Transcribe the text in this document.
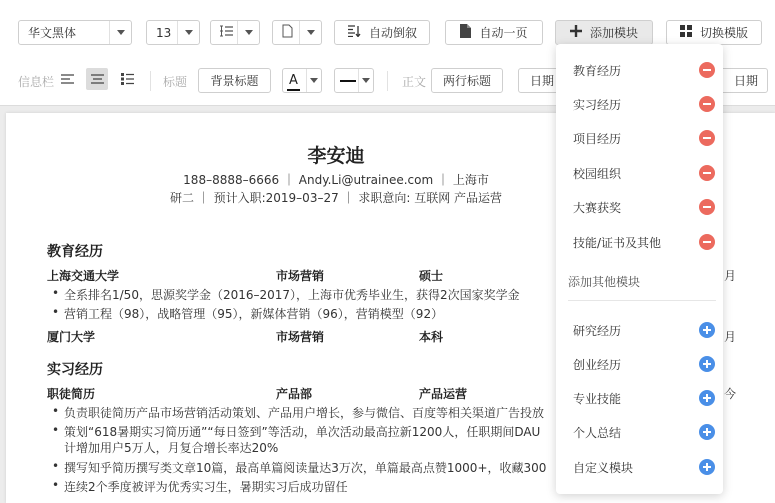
华文黑体	13	自动倒叙	自动一页	添加模块	切换模版
信息栏	标题 背景标题	A	正文 两行标题	日期	日期
李安迪
188–8888–6666 ｜ Andy.Li@utrainee.com ｜ 上海市
研二 ｜ 预计入职:2019–03–27 ｜ 求职意向: 互联网 产品运营
教育经历
上海交通大学	市场营销	硕士	月
• 全系排名1/50，思源奖学金（2016–2017），上海市优秀毕业生，获得2次国家奖学金
• 营销工程（98），战略管理（95），新媒体营销（96），营销模型（92）
厦门大学	市场营销	本科	月
实习经历
职徒简历	产品部	产品运营	今
• 负责职徒简历产品市场营销活动策划、产品用户增长，参与微信、百度等相关渠道广告投放
• 策划“618暑期实习简历通”“每日签到”等活动，单次活动最高拉新1200人，任职期间DAU
• 计增加用户5万人，月复合增长率达20%
• 撰写知乎简历撰写类文章10篇，最高单篇阅读量达3万次，单篇最高点赞1000+，收藏300
• 连续2个季度被评为优秀实习生，暑期实习后成功留任
教育经历
实习经历
项目经历
校园组织
大赛获奖
技能/证书及其他
添加其他模块
研究经历
创业经历
专业技能
个人总结
自定义模块
